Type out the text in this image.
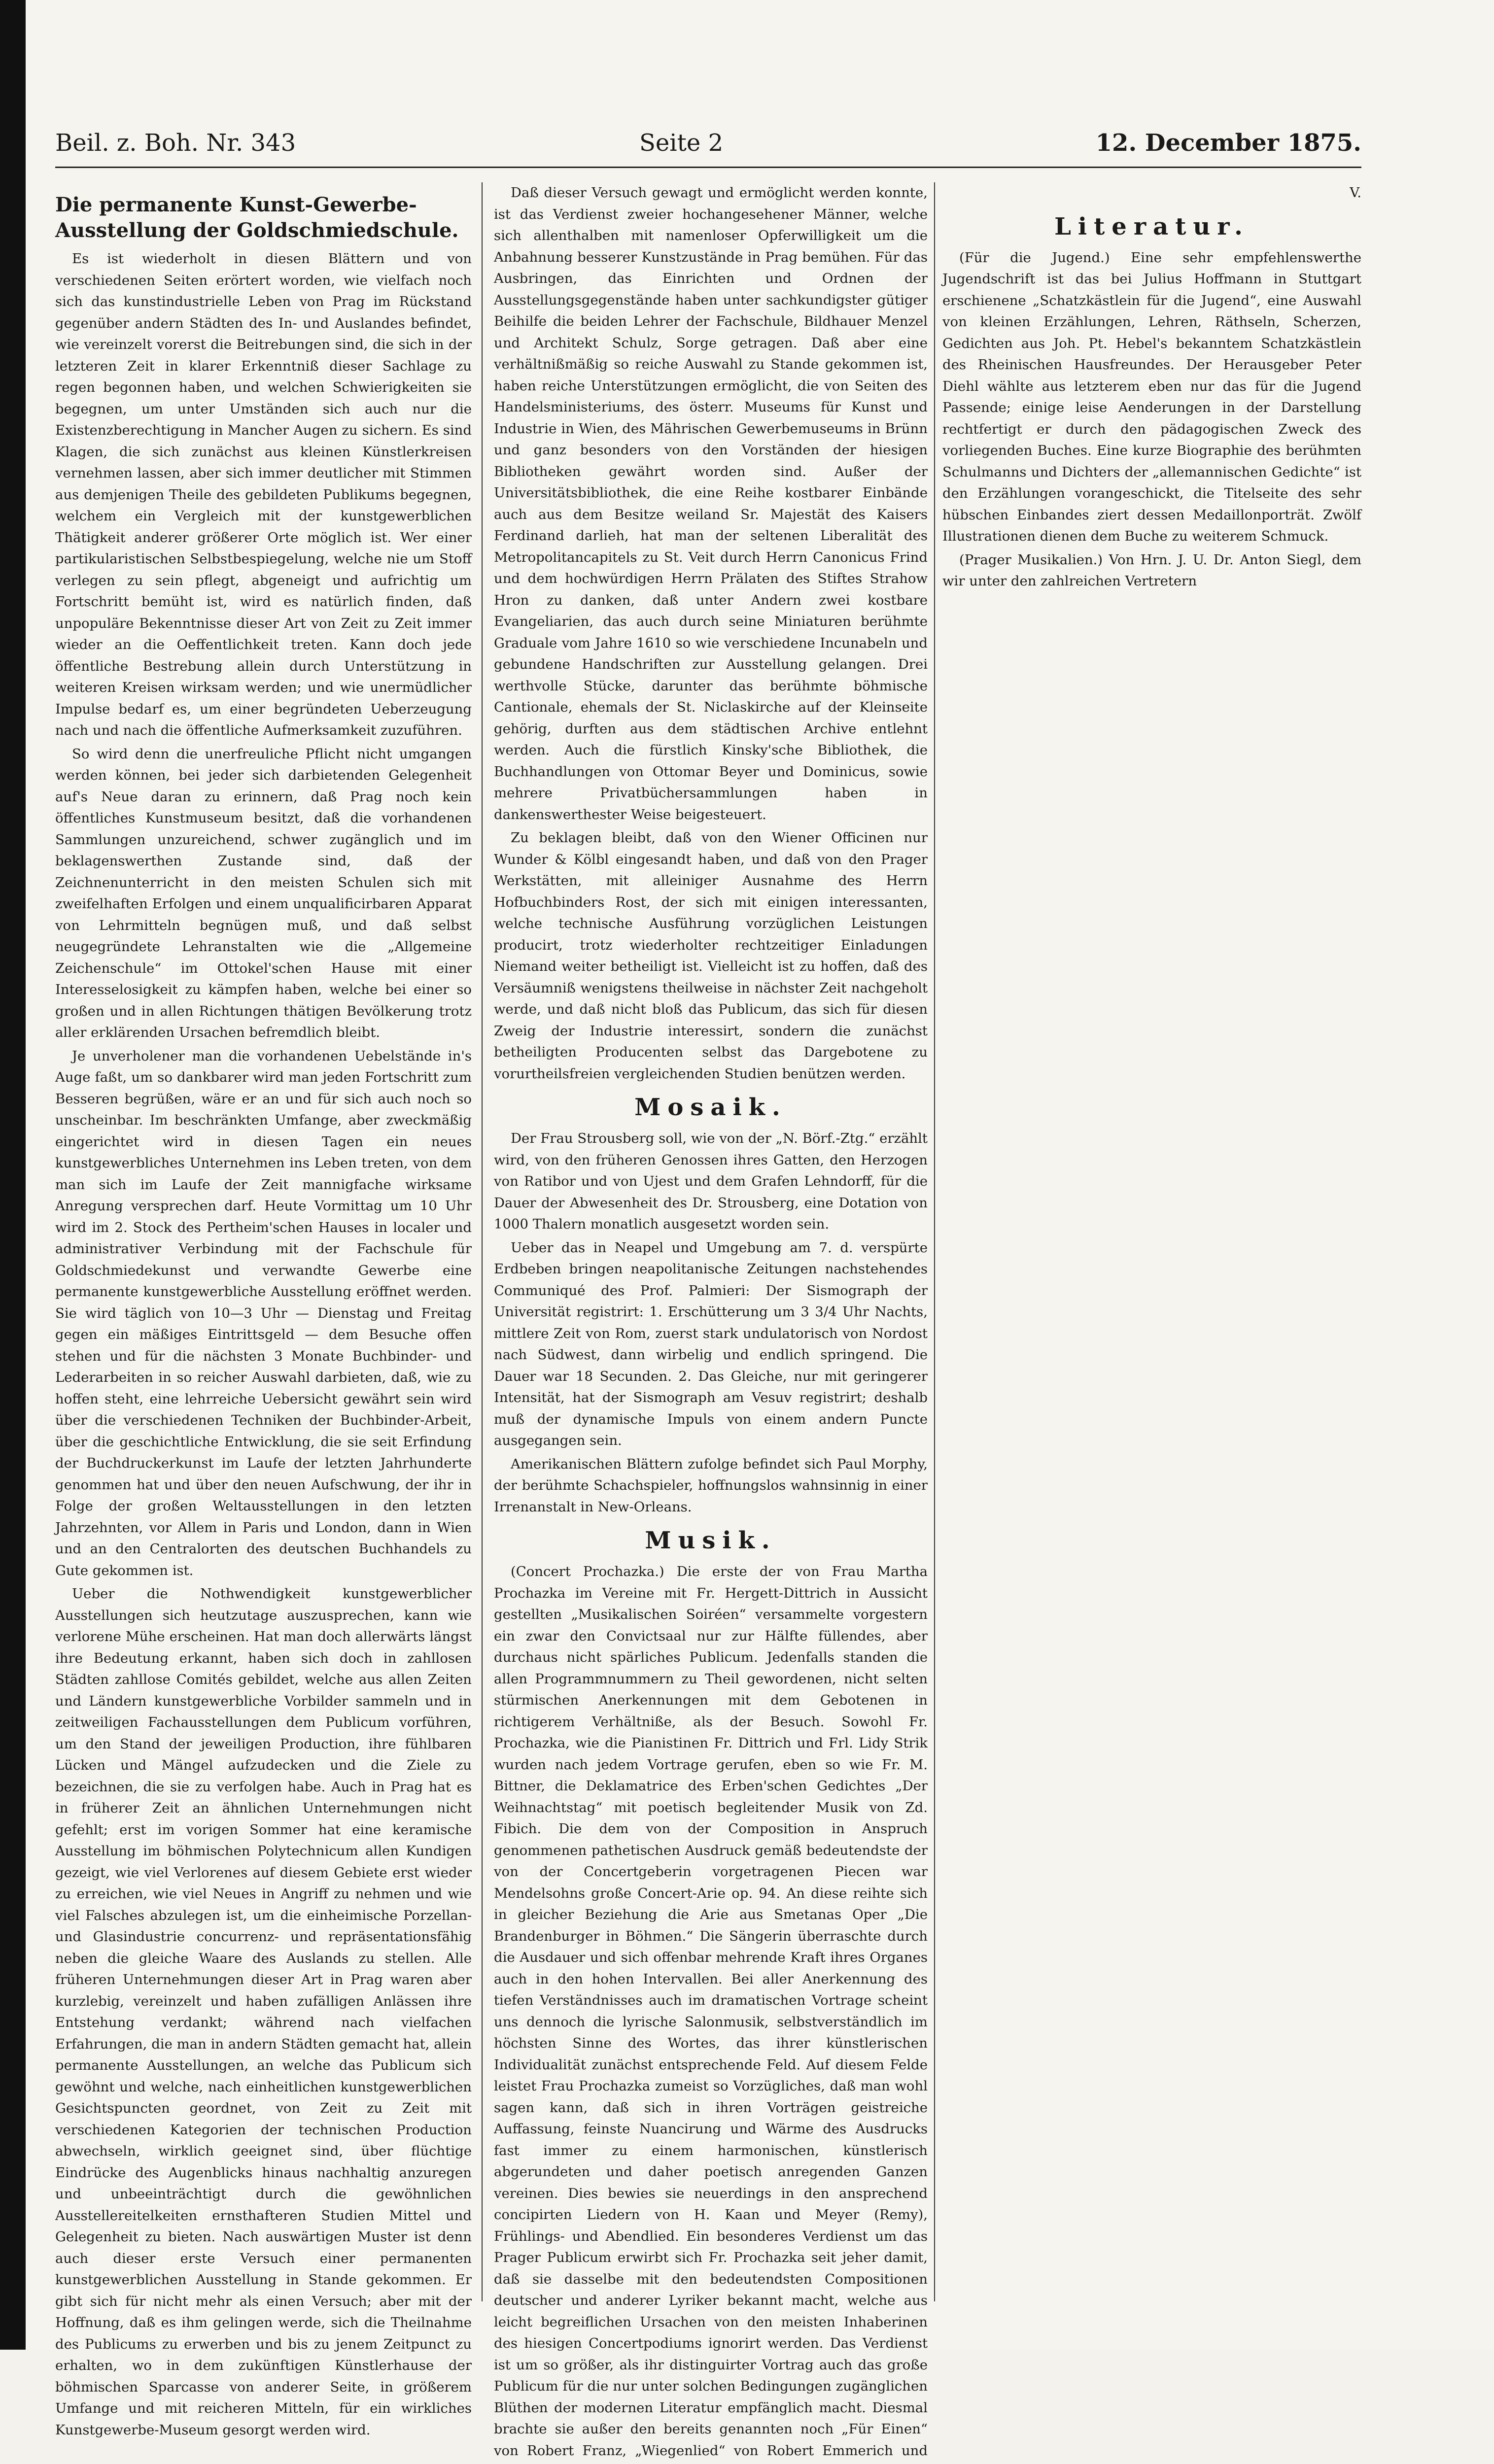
Beil. z. Boh. Nr. 343	Seite 2	12. December 1875.
Die permanente Kunst-Gewerbe-Ausstellung der Goldschmiedschule.

Es ist wiederholt in diesen Blättern und von verschiedenen Seiten erörtert worden, wie vielfach noch sich das kunstindustrielle Leben von Prag im Rückstand gegenüber andern Städten des In- und Auslandes befindet, wie vereinzelt vorerst die Beitrebungen sind, die sich in der letzteren Zeit in klarer Erkenntniß dieser Sachlage zu regen begonnen haben, und welchen Schwierigkeiten sie begegnen, um unter Umständen sich auch nur die Existenzberechtigung in Mancher Augen zu sichern. Es sind Klagen, die sich zunächst aus kleinen Künstlerkreisen vernehmen lassen, aber sich immer deutlicher mit Stimmen aus demjenigen Theile des gebildeten Publikums begegnen, welchem ein Vergleich mit der kunstgewerblichen Thätigkeit anderer größerer Orte möglich ist. Wer einer partikularistischen Selbstbespiegelung, welche nie um Stoff verlegen zu sein pflegt, abgeneigt und aufrichtig um Fortschritt bemüht ist, wird es natürlich finden, daß unpopuläre Bekenntnisse dieser Art von Zeit zu Zeit immer wieder an die Oeffentlichkeit treten. Kann doch jede öffentliche Bestrebung allein durch Unterstützung in weiteren Kreisen wirksam werden; und wie unermüdlicher Impulse bedarf es, um einer begründeten Ueberzeugung nach und nach die öffentliche Aufmerksamkeit zuzuführen.

So wird denn die unerfreuliche Pflicht nicht umgangen werden können, bei jeder sich darbietenden Gelegenheit auf's Neue daran zu erinnern, daß Prag noch kein öffentliches Kunstmuseum besitzt, daß die vorhandenen Sammlungen unzureichend, schwer zugänglich und im beklagenswerthen Zustande sind, daß der Zeichnenunterricht in den meisten Schulen sich mit zweifelhaften Erfolgen und einem unqualificirbaren Apparat von Lehrmitteln begnügen muß, und daß selbst neugegründete Lehranstalten wie die „Allgemeine Zeichenschule“ im Ottokel'schen Hause mit einer Interesselosigkeit zu kämpfen haben, welche bei einer so großen und in allen Richtungen thätigen Bevölkerung trotz aller erklärenden Ursachen befremdlich bleibt.

Je unverholener man die vorhandenen Uebelstände in's Auge faßt, um so dankbarer wird man jeden Fortschritt zum Besseren begrüßen, wäre er an und für sich auch noch so unscheinbar. Im beschränkten Umfange, aber zweckmäßig eingerichtet wird in diesen Tagen ein neues kunstgewerbliches Unternehmen ins Leben treten, von dem man sich im Laufe der Zeit mannigfache wirksame Anregung versprechen darf. Heute Vormittag um 10 Uhr wird im 2. Stock des Pertheim'schen Hauses in localer und administrativer Verbindung mit der Fachschule für Goldschmiedekunst und verwandte Gewerbe eine permanente kunstgewerbliche Ausstellung eröffnet werden. Sie wird täglich von 10—3 Uhr — Dienstag und Freitag gegen ein mäßiges Eintrittsgeld — dem Besuche offen stehen und für die nächsten 3 Monate Buchbinder- und Lederarbeiten in so reicher Auswahl darbieten, daß, wie zu hoffen steht, eine lehrreiche Uebersicht gewährt sein wird über die verschiedenen Techniken der Buchbinder-Arbeit, über die geschichtliche Entwicklung, die sie seit Erfindung der Buchdruckerkunst im Laufe der letzten Jahrhunderte genommen hat und über den neuen Aufschwung, der ihr in Folge der großen Weltausstellungen in den letzten Jahrzehnten, vor Allem in Paris und London, dann in Wien und an den Centralorten des deutschen Buchhandels zu Gute gekommen ist.

Ueber die Nothwendigkeit kunstgewerblicher Ausstellungen sich heutzutage auszusprechen, kann wie verlorene Mühe erscheinen. Hat man doch allerwärts längst ihre Bedeutung erkannt, haben sich doch in zahllosen Städten zahllose Comités gebildet, welche aus allen Zeiten und Ländern kunstgewerbliche Vorbilder sammeln und in zeitweiligen Fachausstellungen dem Publicum vorführen, um den Stand der jeweiligen Production, ihre fühlbaren Lücken und Mängel aufzudecken und die Ziele zu bezeichnen, die sie zu verfolgen habe. Auch in Prag hat es in früherer Zeit an ähnlichen Unternehmungen nicht gefehlt; erst im vorigen Sommer hat eine keramische Ausstellung im böhmischen Polytechnicum allen Kundigen gezeigt, wie viel Verlorenes auf diesem Gebiete erst wieder zu erreichen, wie viel Neues in Angriff zu nehmen und wie viel Falsches abzulegen ist, um die einheimische Porzellan- und Glasindustrie concurrenz- und repräsentationsfähig neben die gleiche Waare des Auslands zu stellen. Alle früheren Unternehmungen dieser Art in Prag waren aber kurzlebig, vereinzelt und haben zufälligen Anlässen ihre Entstehung verdankt; während nach vielfachen Erfahrungen, die man in andern Städten gemacht hat, allein permanente Ausstellungen, an welche das Publicum sich gewöhnt und welche, nach einheitlichen kunstgewerblichen Gesichtspuncten geordnet, von Zeit zu Zeit mit verschiedenen Kategorien der technischen Production abwechseln, wirklich geeignet sind, über flüchtige Eindrücke des Augenblicks hinaus nachhaltig anzuregen und unbeeinträchtigt durch die gewöhnlichen Ausstellereitelkeiten ernsthafteren Studien Mittel und Gelegenheit zu bieten. Nach auswärtigen Muster ist denn auch dieser erste Versuch einer permanenten kunstgewerblichen Ausstellung in Stande gekommen. Er gibt sich für nicht mehr als einen Versuch; aber mit der Hoffnung, daß es ihm gelingen werde, sich die Theilnahme des Publicums zu erwerben und bis zu jenem Zeitpunct zu erhalten, wo in dem zukünftigen Künstlerhause der böhmischen Sparcasse von anderer Seite, in größerem Umfange und mit reicheren Mitteln, für ein wirkliches Kunstgewerbe-Museum gesorgt werden wird.

Daß dieser Versuch gewagt und ermöglicht werden konnte, ist das Verdienst zweier hochangesehener Männer, welche sich allenthalben mit namenloser Opferwilligkeit um die Anbahnung besserer Kunstzustände in Prag bemühen. Für das Ausbringen, das Einrichten und Ordnen der Ausstellungsgegenstände haben unter sachkundigster gütiger Beihilfe die beiden Lehrer der Fachschule, Bildhauer Menzel und Architekt Schulz, Sorge getragen. Daß aber eine verhältnißmäßig so reiche Auswahl zu Stande gekommen ist, haben reiche Unterstützungen ermöglicht, die von Seiten des Handelsministeriums, des österr. Museums für Kunst und Industrie in Wien, des Mährischen Gewerbemuseums in Brünn und ganz besonders von den Vorständen der hiesigen Bibliotheken gewährt worden sind. Außer der Universitätsbibliothek, die eine Reihe kostbarer Einbände auch aus dem Besitze weiland Sr. Majestät des Kaisers Ferdinand darlieh, hat man der seltenen Liberalität des Metropolitancapitels zu St. Veit durch Herrn Canonicus Frind und dem hochwürdigen Herrn Prälaten des Stiftes Strahow Hron zu danken, daß unter Andern zwei kostbare Evangeliarien, das auch durch seine Miniaturen berühmte Graduale vom Jahre 1610 so wie verschiedene Incunabeln und gebundene Handschriften zur Ausstellung gelangen. Drei werthvolle Stücke, darunter das berühmte böhmische Cantionale, ehemals der St. Niclaskirche auf der Kleinseite gehörig, durften aus dem städtischen Archive entlehnt werden. Auch die fürstlich Kinsky'sche Bibliothek, die Buchhandlungen von Ottomar Beyer und Dominicus, sowie mehrere Privatbüchersammlungen haben in dankenswerthester Weise beigesteuert.

Zu beklagen bleibt, daß von den Wiener Officinen nur Wunder & Kölbl eingesandt haben, und daß von den Prager Werkstätten, mit alleiniger Ausnahme des Herrn Hofbuchbinders Rost, der sich mit einigen interessanten, welche technische Ausführung vorzüglichen Leistungen producirt, trotz wiederholter rechtzeitiger Einladungen Niemand weiter betheiligt ist. Vielleicht ist zu hoffen, daß des Versäumniß wenigstens theilweise in nächster Zeit nachgeholt werde, und daß nicht bloß das Publicum, das sich für diesen Zweig der Industrie interessirt, sondern die zunächst betheiligten Producenten selbst das Dargebotene zu vorurtheilsfreien vergleichenden Studien benützen werden.

Mosaik.

Der Frau Strousberg soll, wie von der „N. Börf.-Ztg.“ erzählt wird, von den früheren Genossen ihres Gatten, den Herzogen von Ratibor und von Ujest und dem Grafen Lehndorff, für die Dauer der Abwesenheit des Dr. Strousberg, eine Dotation von 1000 Thalern monatlich ausgesetzt worden sein.

Ueber das in Neapel und Umgebung am 7. d. verspürte Erdbeben bringen neapolitanische Zeitungen nachstehendes Communiqué des Prof. Palmieri: Der Sismograph der Universität registrirt: 1. Erschütterung um 3 3/4 Uhr Nachts, mittlere Zeit von Rom, zuerst stark undulatorisch von Nordost nach Südwest, dann wirbelig und endlich springend. Die Dauer war 18 Secunden. 2. Das Gleiche, nur mit geringerer Intensität, hat der Sismograph am Vesuv registrirt; deshalb muß der dynamische Impuls von einem andern Puncte ausgegangen sein.

Amerikanischen Blättern zufolge befindet sich Paul Morphy, der berühmte Schachspieler, hoffnungslos wahnsinnig in einer Irrenanstalt in New-Orleans.

Musik.

(Concert Prochazka.) Die erste der von Frau Martha Prochazka im Vereine mit Fr. Hergett-Dittrich in Aussicht gestellten „Musikalischen Soiréen“ versammelte vorgestern ein zwar den Convictsaal nur zur Hälfte füllendes, aber durchaus nicht spärliches Publicum. Jedenfalls standen die allen Programmnummern zu Theil gewordenen, nicht selten stürmischen Anerkennungen mit dem Gebotenen in richtigerem Verhältniße, als der Besuch. Sowohl Fr. Prochazka, wie die Pianistinen Fr. Dittrich und Frl. Lidy Strik wurden nach jedem Vortrage gerufen, eben so wie Fr. M. Bittner, die Deklamatrice des Erben'schen Gedichtes „Der Weihnachtstag“ mit poetisch begleitender Musik von Zd. Fibich. Die dem von der Composition in Anspruch genommenen pathetischen Ausdruck gemäß bedeutendste der von der Concertgeberin vorgetragenen Piecen war Mendelsohns große Concert-Arie op. 94. An diese reihte sich in gleicher Beziehung die Arie aus Smetanas Oper „Die Brandenburger in Böhmen.“ Die Sängerin überraschte durch die Ausdauer und sich offenbar mehrende Kraft ihres Organes auch in den hohen Intervallen. Bei aller Anerkennung des tiefen Verständnisses auch im dramatischen Vortrage scheint uns dennoch die lyrische Salonmusik, selbstverständlich im höchsten Sinne des Wortes, das ihrer künstlerischen Individualität zunächst entsprechende Feld. Auf diesem Felde leistet Frau Prochazka zumeist so Vorzügliches, daß man wohl sagen kann, daß sich in ihren Vorträgen geistreiche Auffassung, feinste Nuancirung und Wärme des Ausdrucks fast immer zu einem harmonischen, künstlerisch abgerundeten und daher poetisch anregenden Ganzen vereinen. Dies bewies sie neuerdings in den ansprechend concipirten Liedern von H. Kaan und Meyer (Remy), Frühlings- und Abendlied. Ein besonderes Verdienst um das Prager Publicum erwirbt sich Fr. Prochazka seit jeher damit, daß sie dasselbe mit den bedeutendsten Compositionen deutscher und anderer Lyriker bekannt macht, welche aus leicht begreiflichen Ursachen von den meisten Inhaberinen des hiesigen Concertpodiums ignorirt werden. Das Verdienst ist um so größer, als ihr distinguirter Vortrag auch das große Publicum für die nur unter solchen Bedingungen zugänglichen Blüthen der modernen Literatur empfänglich macht. Diesmal brachte sie außer den bereits genannten noch „Für Einen“ von Robert Franz, „Wiegenlied“ von Robert Emmerich und

V.

Literatur.

(Für die Jugend.) Eine sehr empfehlenswerthe Jugendschrift ist das bei Julius Hoffmann in Stuttgart erschienene „Schatzkästlein für die Jugend“, eine Auswahl von kleinen Erzählungen, Lehren, Räthseln, Scherzen, Gedichten aus Joh. Pt. Hebel's bekanntem Schatzkästlein des Rheinischen Hausfreundes. Der Herausgeber Peter Diehl wählte aus letzterem eben nur das für die Jugend Passende; einige leise Aenderungen in der Darstellung rechtfertigt er durch den pädagogischen Zweck des vorliegenden Buches. Eine kurze Biographie des berühmten Schulmanns und Dichters der „allemannischen Gedichte“ ist den Erzählungen vorangeschickt, die Titelseite des sehr hübschen Einbandes ziert dessen Medaillonporträt. Zwölf Illustrationen dienen dem Buche zu weiterem Schmuck.

(Prager Musikalien.) Von Hrn. J. U. Dr. Anton Siegl, dem wir unter den zahlreichen Vertretern
